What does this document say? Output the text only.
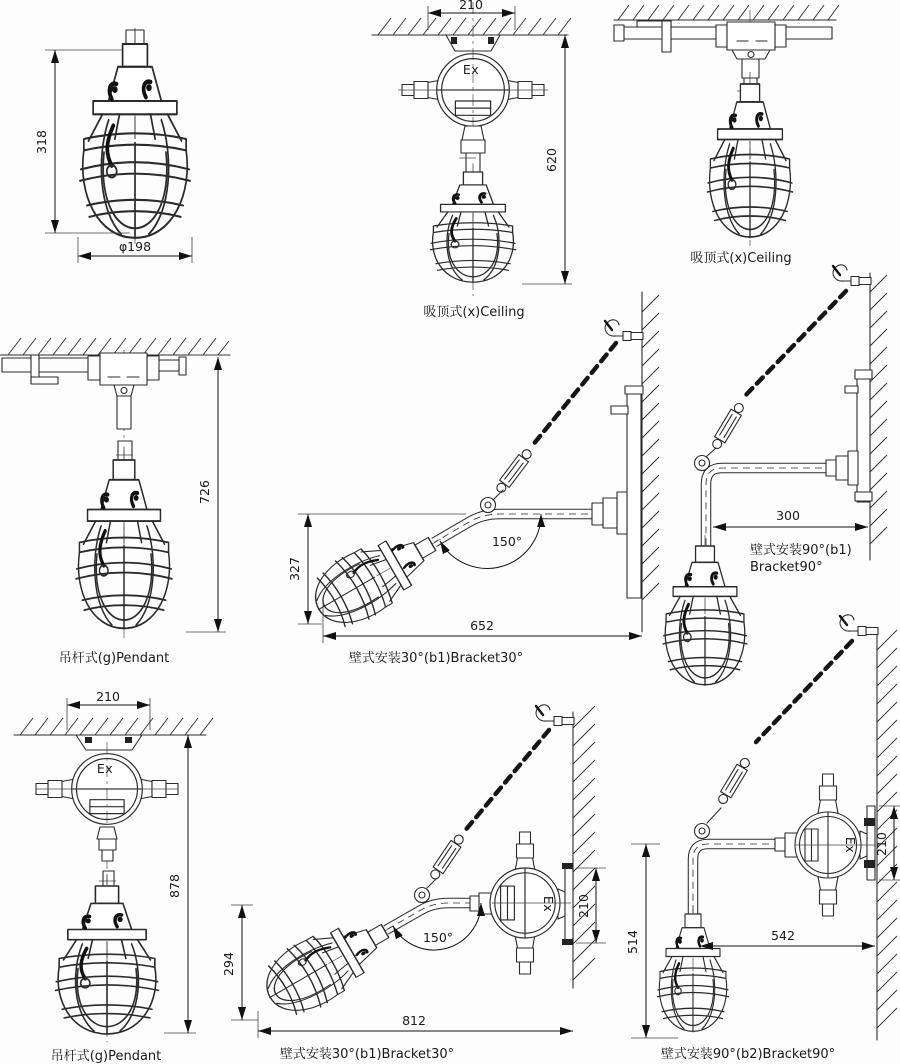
318
φ198
Ex
210
620
吸顶式(x)Ceiling
吸顶式(x)Ceiling
726
吊杆式(g)Pendant
150°
327
652
壁式安装30°(b1)Bracket30°
300
壁式安装90°(b1)
Bracket90°
210
Ex
878
吊杆式(g)Pendant
Ex
150°
294
210
812
壁式安装30°(b1)Bracket30°
Ex
514	542
210
壁式安装90°(b2)Bracket90°
